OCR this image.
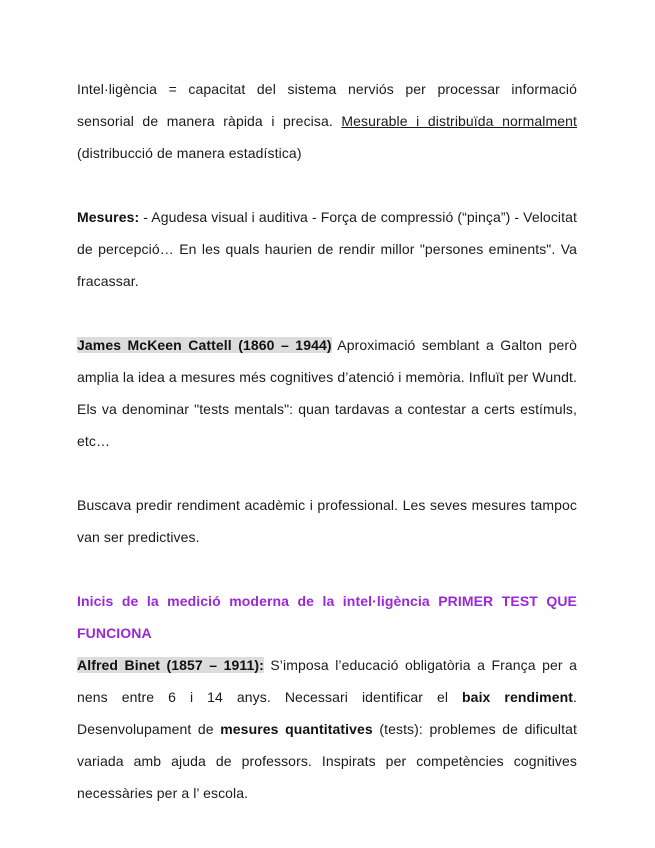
Intel·ligència = capacitat del sistema nerviós per processar informació sensorial de manera ràpida i precisa. Mesurable i distribuïda normalment (distribucció de manera estadística)

Mesures: - Agudesa visual i auditiva - Força de compressió (“pinça”) - Velocitat de percepció… En les quals haurien de rendir millor "persones eminents". Va fracassar.

James McKeen Cattell (1860 – 1944) Aproximació semblant a Galton però amplia la idea a mesures més cognitives d’atenció i memòria. Influït per Wundt. Els va denominar "tests mentals": quan tardavas a contestar a certs estímuls, etc…

Buscava predir rendiment acadèmic i professional. Les seves mesures tampoc van ser predictives.

Inicis de la medició moderna de la intel·ligència PRIMER TEST QUE FUNCIONA

Alfred Binet (1857 – 1911): S’imposa l’educació obligatòria a França per a nens entre 6 i 14 anys. Necessari identificar el baix rendiment. Desenvolupament de mesures quantitatives (tests): problemes de dificultat variada amb ajuda de professors. Inspirats per competències cognitives necessàries per a l’ escola.
